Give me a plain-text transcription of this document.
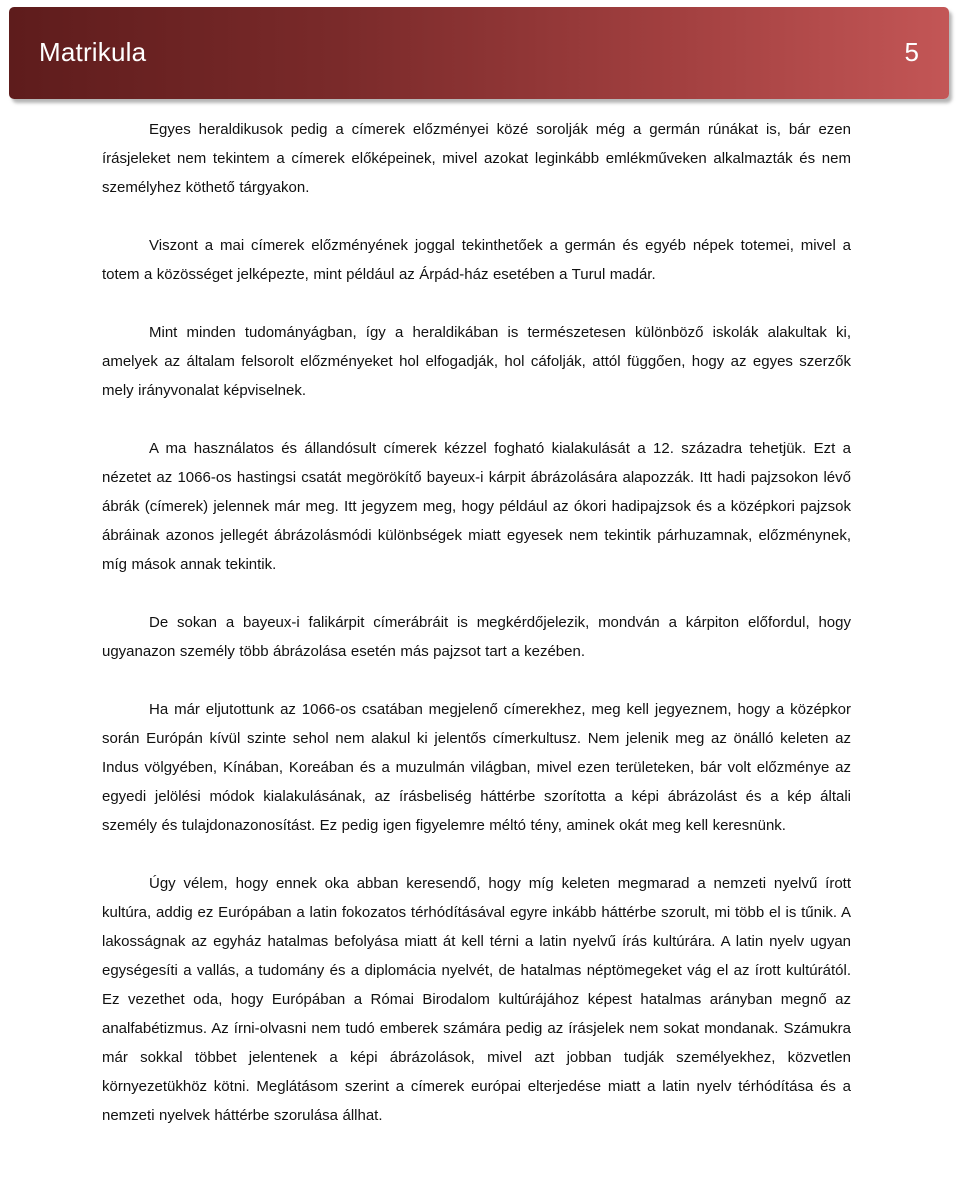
Matrikula	5

Egyes heraldikusok pedig a címerek előzményei közé sorolják még a germán rúnákat is, bár ezen írásjeleket nem tekintem a címerek előképeinek, mivel azokat leginkább emlékműveken alkalmazták és nem személyhez köthető tárgyakon.

Viszont a mai címerek előzményének joggal tekinthetőek a germán és egyéb népek totemei, mivel a totem a közösséget jelképezte, mint például az Árpád-ház esetében a Turul madár.

Mint minden tudományágban, így a heraldikában is természetesen különböző iskolák alakultak ki, amelyek az általam felsorolt előzményeket hol elfogadják, hol cáfolják, attól függően, hogy az egyes szerzők mely irányvonalat képviselnek.

A ma használatos és állandósult címerek kézzel fogható kialakulását a 12. századra tehetjük. Ezt a nézetet az 1066-os hastingsi csatát megörökítő bayeux-i kárpit ábrázolására alapozzák. Itt hadi pajzsokon lévő ábrák (címerek) jelennek már meg. Itt jegyzem meg, hogy például az ókori hadipajzsok és a középkori pajzsok ábráinak azonos jellegét ábrázolásmódi különbségek miatt egyesek nem tekintik párhuzamnak, előzménynek, míg mások annak tekintik.

De sokan a bayeux-i falikárpit címerábráit is megkérdőjelezik, mondván a kárpiton előfordul, hogy ugyanazon személy több ábrázolása esetén más pajzsot tart a kezében.

Ha már eljutottunk az 1066-os csatában megjelenő címerekhez, meg kell jegyeznem, hogy a középkor során Európán kívül szinte sehol nem alakul ki jelentős címerkultusz. Nem jelenik meg az önálló keleten az Indus völgyében, Kínában, Koreában és a muzulmán világban, mivel ezen területeken, bár volt előzménye az egyedi jelölési módok kialakulásának, az írásbeliség háttérbe szorította a képi ábrázolást és a kép általi személy és tulajdonazonosítást. Ez pedig igen figyelemre méltó tény, aminek okát meg kell keresnünk.

Úgy vélem, hogy ennek oka abban keresendő, hogy míg keleten megmarad a nemzeti nyelvű írott kultúra, addig ez Európában a latin fokozatos térhódításával egyre inkább háttérbe szorult, mi több el is tűnik. A lakosságnak az egyház hatalmas befolyása miatt át kell térni a latin nyelvű írás kultúrára. A latin nyelv ugyan egységesíti a vallás, a tudomány és a diplomácia nyelvét, de hatalmas néptömegeket vág el az írott kultúrától. Ez vezethet oda, hogy Európában a Római Birodalom kultúrájához képest hatalmas arányban megnő az analfabétizmus. Az írni-olvasni nem tudó emberek számára pedig az írásjelek nem sokat mondanak. Számukra már sokkal többet jelentenek a képi ábrázolások, mivel azt jobban tudják személyekhez, közvetlen környezetükhöz kötni. Meglátásom szerint a címerek európai elterjedése miatt a latin nyelv térhódítása és a nemzeti nyelvek háttérbe szorulása állhat.
